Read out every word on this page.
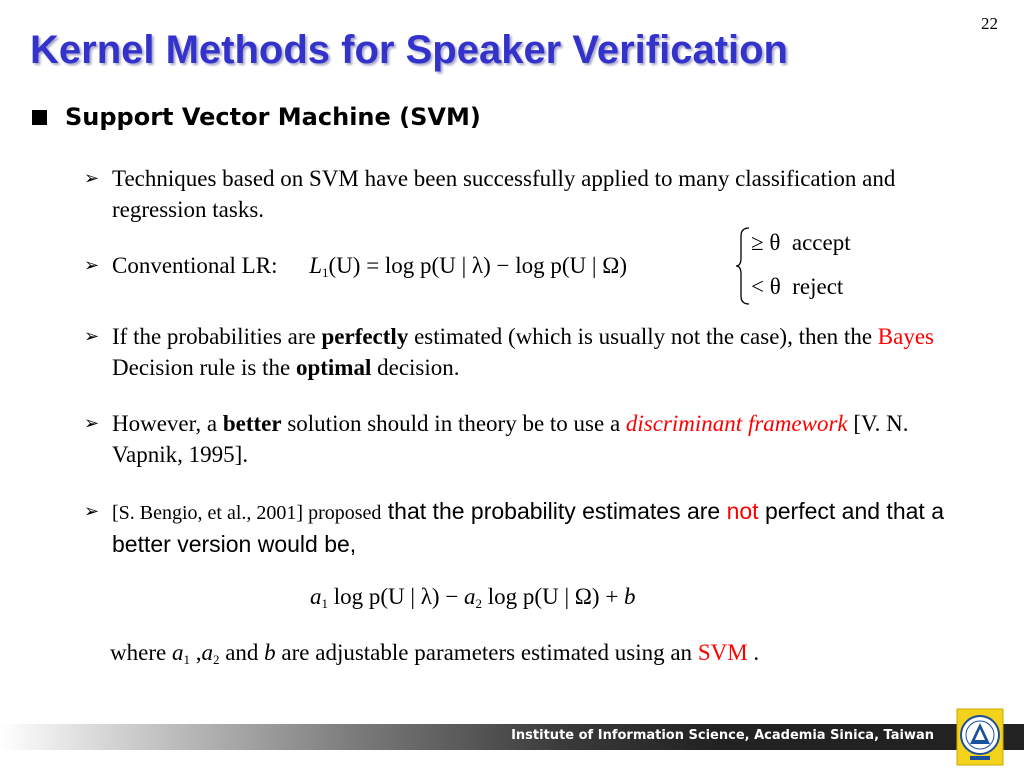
22
Kernel Methods for Speaker Verification
Support Vector Machine (SVM)
➢ Techniques based on SVM have been successfully applied to many classification and regression tasks.
➢ Conventional LR: $L_1(U) = \log p(U$ | λ) − log p(U | Ω)
≥ θ accept
< θ reject
➢ If the probabilities are perfectly estimated (which is usually not the case), then the Bayes Decision rule is the optimal decision.
➢ However, a better solution should in theory be to use a discriminant framework [V. N. Vapnik, 1995].
➢ [S. Bengio, et al., 2001] proposed that the probability estimates are not perfect and that a better version would be,
$a_1$ log p(U | $\lambda) - a_2$ log p(U | Ω) + b
where $a_1$ $,a_2$ and b are adjustable parameters estimated using an SVM .
Institute of Information Science, Academia Sinica, Taiwan
